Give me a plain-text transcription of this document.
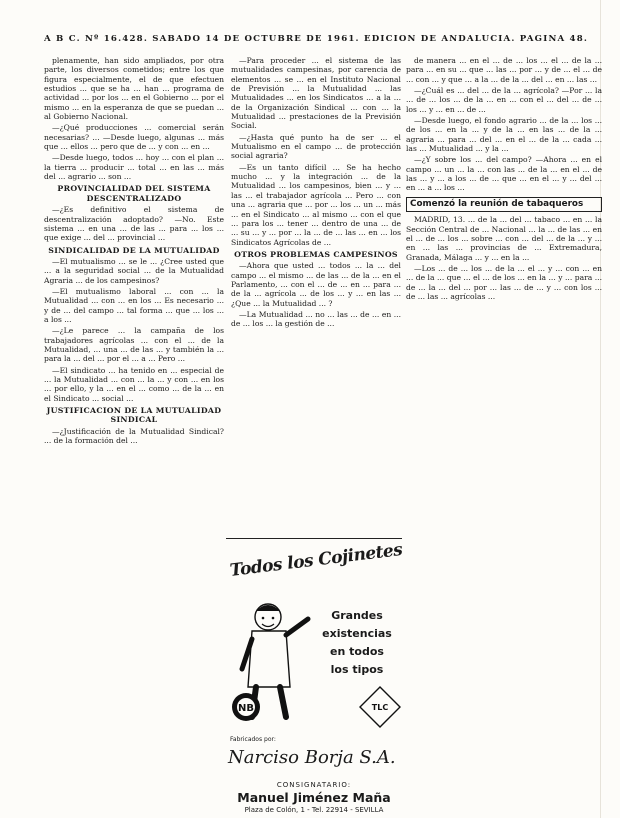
A B C. Nº 16.428. SABADO 14 DE OCTUBRE DE 1961. EDICION DE ANDALUCIA. PAGINA 48.

plenamente, han sido ampliados, por otra parte, los diversos cometidos; entre los que figura especialmente, el de que efectuen estudios ... que se ha ... han ... programa de actividad ... por los ... en el Gobierno ... por el mismo ... en la esperanza de que se puedan ... al Gobierno Nacional.

—¿Qué producciones ... comercial serán necesarias? ... —Desde luego, algunas ... más que ... ellos ... pero que de ... y con ... en ...

—Desde luego, todos ... hoy ... con el plan ... la tierra ... producir ... total ... en las ... más del ... agrario ... son ...

PROVINCIALIDAD DEL SISTEMA DESCENTRALIZADO

—¿Es definitivo el sistema de descentralización adoptado? —No. Este sistema ... en una ... de las ... para ... los ... que exige ... del ... provincial ...

SINDICALIDAD DE LA MUTUALIDAD

—El mutualismo ... se le ... ¿Cree usted que ... a la seguridad social ... de la Mutualidad Agraria ... de los campesinos?

—El mutualismo laboral ... con ... la Mutualidad ... con ... en los ... Es necesario ... y de ... del campo ... tal forma ... que ... los ... a los ...

—¿Le parece ... la campaña de los trabajadores agrícolas ... con el ... de la Mutualidad, ... una ... de las ... y también la ... para la ... del ... por el ... a ... Pero ...

—El sindicato ... ha tenido en ... especial de ... la Mutualidad ... con ... la ... y con ... en los ... por ello, y la ... en el ... como ... de la ... en el Sindicato ... social ...

JUSTIFICACION DE LA MUTUALIDAD SINDICAL

—¿Justificación de la Mutualidad Sindical? ... de la formación del ...

—Para proceder ... el sistema de las mutualidades campesinas, por carencia de elementos ... se ... en el Instituto Nacional de Previsión ... la Mutualidad ... las Mutualidades ... en los Sindicatos ... a la ... de la Organización Sindical ... con ... la Mutualidad ... prestaciones de la Previsión Social.

—¿Hasta qué punto ha de ser ... el Mutualismo en el campo ... de protección social agraria?

—Es un tanto difícil ... Se ha hecho mucho ... y la integración ... de la Mutualidad ... los campesinos, bien ... y ... las ... el trabajador agrícola ... Pero ... con una ... agraria que ... por ... los ... un ... más ... en el Sindicato ... al mismo ... con el que ... para los ... tener ... dentro de una ... de ... su ... y ... por ... la ... de ... las ... en ... los Sindicatos Agrícolas de ...

OTROS PROBLEMAS CAMPESINOS

—Ahora que usted ... todos ... la ... del campo ... el mismo ... de las ... de la ... en el Parlamento, ... con el ... de ... en ... para ... de la ... agrícola ... de los ... y ... en las ... ¿Que ... la Mutualidad ... ?

—La Mutualidad ... no ... las ... de ... en ... de ... los ... la gestión de ...

Todos los Cojinetes
Grandes
existencias
en todos
los tipos
NB	TLC
Fabricados por:
Narciso Borja S.A.
CONSIGNATARIO:
Manuel Jiménez Maña
Plaza de Colón, 1 - Tel. 22914 - SEVILLA

de manera ... en el ... de ... los ... el ... de la ... para ... en su ... que ... las ... por ... y de ... el ... de ... con ... y que ... a la ... de la ... del ... en ... las ...

—¿Cuál es ... del ... de la ... agrícola? —Por ... la ... de ... los ... de la ... en ... con el ... del ... de ... los ... y ... en ... de ...

—Desde luego, el fondo agrario ... de la ... los ... de los ... en la ... y de la ... en las ... de la ... agraria ... para ... del ... en el ... de la ... cada ... las ... Mutualidad ... y la ...

—¿Y sobre los ... del campo? —Ahora ... en el campo ... un ... la ... con las ... de la ... en el ... de las ... y ... a los ... de ... que ... en el ... y ... del ... en ... a ... los ...

Comenzó la reunión de tabaqueros

MADRID, 13. ... de la ... del ... tabaco ... en ... la Sección Central de ... Nacional ... la ... de las ... en el ... de ... los ... sobre ... con ... del ... de la ... y ... en ... las ... provincias de ... Extremadura, Granada, Málaga ... y ... en la ...

—Los ... de ... los ... de la ... el ... y ... con ... en ... de la ... que ... el ... de los ... en la ... y ... para ... de ... la ... del ... por ... las ... de ... y ... con los ... de ... las ... agrícolas ...
